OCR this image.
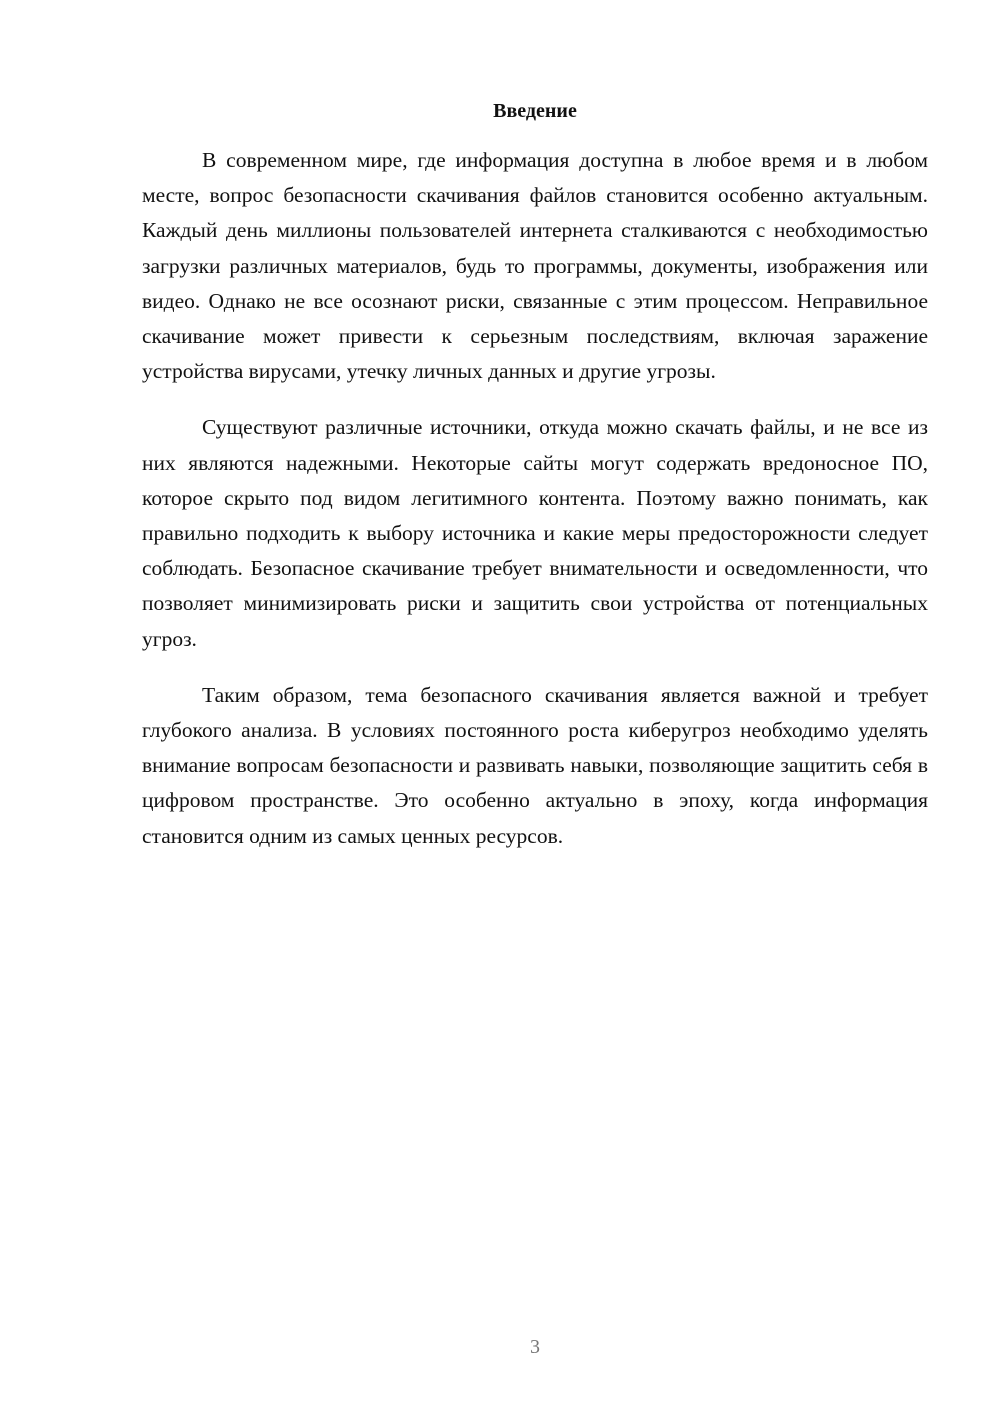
Введение

В современном мире, где информация доступна в любое время и в любом месте, вопрос безопасности скачивания файлов становится особенно актуальным. Каждый день миллионы пользователей интернета сталкиваются с необходимостью загрузки различных материалов, будь то программы, документы, изображения или видео. Однако не все осознают риски, связанные с этим процессом. Неправильное скачивание может привести к серьезным последствиям, включая заражение устройства вирусами, утечку личных данных и другие угрозы.

Существуют различные источники, откуда можно скачать файлы, и не все из них являются надежными. Некоторые сайты могут содержать вредоносное ПО, которое скрыто под видом легитимного контента. Поэтому важно понимать, как правильно подходить к выбору источника и какие меры предосторожности следует соблюдать. Безопасное скачивание требует внимательности и осведомленности, что позволяет минимизировать риски и защитить свои устройства от потенциальных угроз.

Таким образом, тема безопасного скачивания является важной и требует глубокого анализа. В условиях постоянного роста киберугроз необходимо уделять внимание вопросам безопасности и развивать навыки, позволяющие защитить себя в цифровом пространстве. Это особенно актуально в эпоху, когда информация становится одним из самых ценных ресурсов.

3
